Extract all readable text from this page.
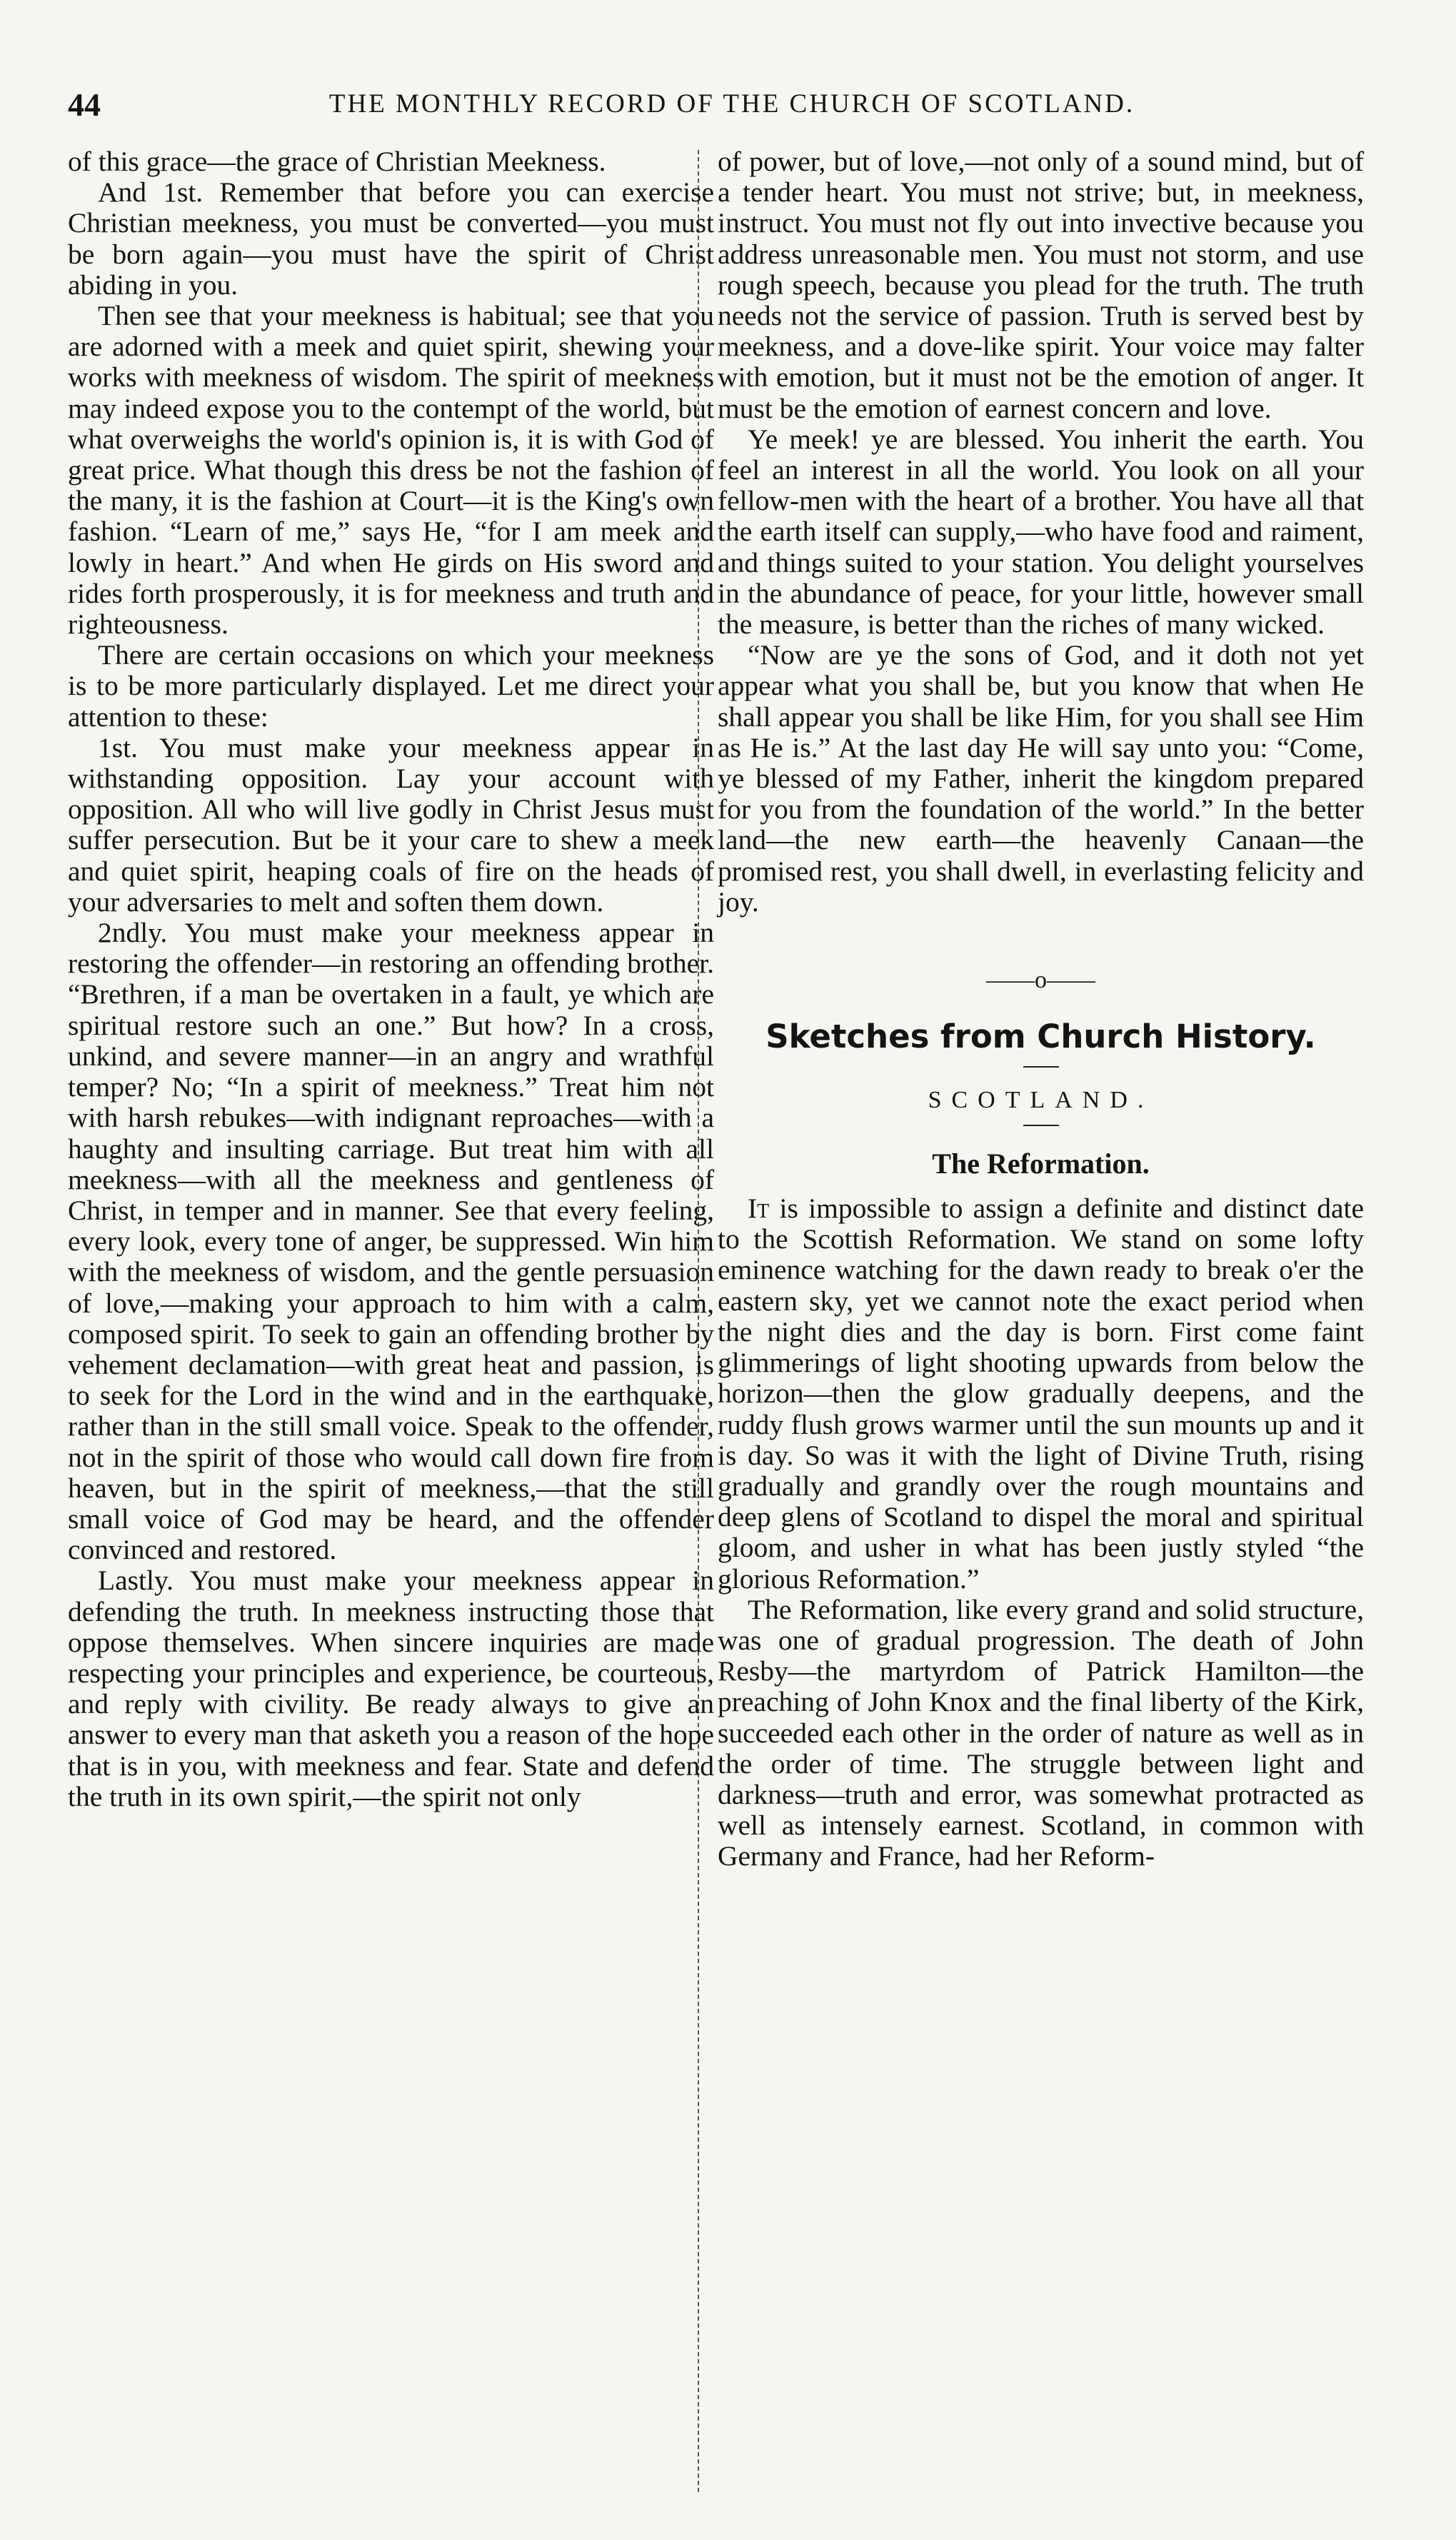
44	THE MONTHLY RECORD OF THE CHURCH OF SCOTLAND.

of this grace—the grace of Christian Meekness.

And 1st. Remember that before you can exercise Christian meekness, you must be converted—you must be born again—you must have the spirit of Christ abiding in you.

Then see that your meekness is habitual; see that you are adorned with a meek and quiet spirit, shewing your works with meekness of wisdom. The spirit of meekness may indeed expose you to the contempt of the world, but what overweighs the world's opinion is, it is with God of great price. What though this dress be not the fashion of the many, it is the fashion at Court—it is the King's own fashion. “Learn of me,” says He, “for I am meek and lowly in heart.” And when He girds on His sword and rides forth prosperously, it is for meekness and truth and righteousness.

There are certain occasions on which your meekness is to be more particularly displayed. Let me direct your attention to these:

1st. You must make your meekness appear in withstanding opposition. Lay your account with opposition. All who will live godly in Christ Jesus must suffer persecution. But be it your care to shew a meek and quiet spirit, heaping coals of fire on the heads of your adversaries to melt and soften them down.

2ndly. You must make your meekness appear in restoring the offender—in restoring an offending brother. “Brethren, if a man be overtaken in a fault, ye which are spiritual restore such an one.” But how? In a cross, unkind, and severe manner—in an angry and wrathful temper? No; “In a spirit of meekness.” Treat him not with harsh rebukes—with indignant reproaches—with a haughty and insulting carriage. But treat him with all meekness—with all the meekness and gentleness of Christ, in temper and in manner. See that every feeling, every look, every tone of anger, be suppressed. Win him with the meekness of wisdom, and the gentle persuasion of love,—making your approach to him with a calm, composed spirit. To seek to gain an offending brother by vehement declamation—with great heat and passion, is to seek for the Lord in the wind and in the earthquake, rather than in the still small voice. Speak to the offender, not in the spirit of those who would call down fire from heaven, but in the spirit of meekness,—that the still small voice of God may be heard, and the offender convinced and restored.

Lastly. You must make your meekness appear in defending the truth. In meekness instructing those that oppose themselves. When sincere inquiries are made respecting your principles and experience, be courteous, and reply with civility. Be ready always to give an answer to every man that asketh you a reason of the hope that is in you, with meekness and fear. State and defend the truth in its own spirit,—the spirit not only

of power, but of love,—not only of a sound mind, but of a tender heart. You must not strive; but, in meekness, instruct. You must not fly out into invective because you address unreasonable men. You must not storm, and use rough speech, because you plead for the truth. The truth needs not the service of passion. Truth is served best by meekness, and a dove-like spirit. Your voice may falter with emotion, but it must not be the emotion of anger. It must be the emotion of earnest concern and love.

Ye meek! ye are blessed. You inherit the earth. You feel an interest in all the world. You look on all your fellow-men with the heart of a brother. You have all that the earth itself can supply,—who have food and raiment, and things suited to your station. You delight yourselves in the abundance of peace, for your little, however small the measure, is better than the riches of many wicked.

“Now are ye the sons of God, and it doth not yet appear what you shall be, but you know that when He shall appear you shall be like Him, for you shall see Him as He is.” At the last day He will say unto you: “Come, ye blessed of my Father, inherit the kingdom prepared for you from the foundation of the world.” In the better land—the new earth—the heavenly Canaan—the promised rest, you shall dwell, in everlasting felicity and joy.

——o——
Sketches from Church History.
SCOTLAND.
The Reformation.

It is impossible to assign a definite and distinct date to the Scottish Reformation. We stand on some lofty eminence watching for the dawn ready to break o'er the eastern sky, yet we cannot note the exact period when the night dies and the day is born. First come faint glimmerings of light shooting upwards from below the horizon—then the glow gradually deepens, and the ruddy flush grows warmer until the sun mounts up and it is day. So was it with the light of Divine Truth, rising gradually and grandly over the rough mountains and deep glens of Scotland to dispel the moral and spiritual gloom, and usher in what has been justly styled “the glorious Reformation.”

The Reformation, like every grand and solid structure, was one of gradual progression. The death of John Resby—the martyrdom of Patrick Hamilton—the preaching of John Knox and the final liberty of the Kirk, succeeded each other in the order of nature as well as in the order of time. The struggle between light and darkness—truth and error, was somewhat protracted as well as intensely earnest. Scotland, in common with Germany and France, had her Reform-
